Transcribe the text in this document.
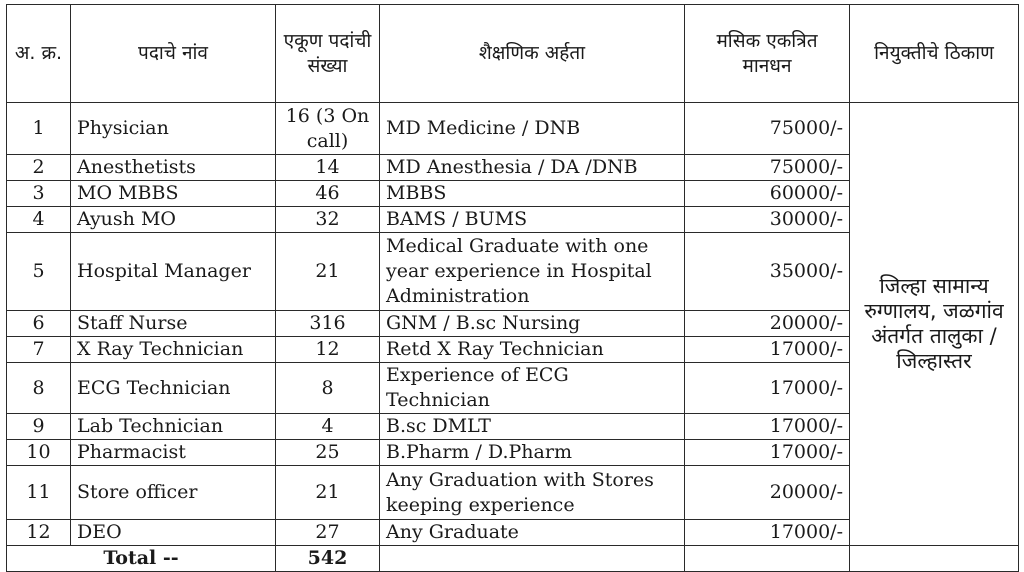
अ. क्र.	पदाचे नांव	एकूण पदांची संख्या	शैक्षणिक अर्हता	मसिक एकत्रित मानधन	नियुक्तीचे ठिकाण
1	Physician	16 (3 On call)	MD Medicine / DNB	75000/-	जिल्हा सामान्य रुग्णालय, जळगांव अंतर्गत तालुका / जिल्हास्तर
2	Anesthetists	14	MD Anesthesia / DA /DNB	75000/-	
3	MO MBBS	46	MBBS	60000/-	
4	Ayush MO	32	BAMS / BUMS	30000/-	
5	Hospital Manager	21	Medical Graduate with one year experience in Hospital Administration	35000/-	
6	Staff Nurse	316	GNM / B.sc Nursing	20000/-	
7	X Ray Technician	12	Retd X Ray Technician	17000/-	
8	ECG Technician	8	Experience of ECG Technician	17000/-	
9	Lab Technician	4	B.sc DMLT	17000/-	
10	Pharmacist	25	B.Pharm / D.Pharm	17000/-	
11	Store officer	21	Any Graduation with Stores keeping experience	20000/-	
12	DEO	27	Any Graduate	17000/-	
Total --		542			
